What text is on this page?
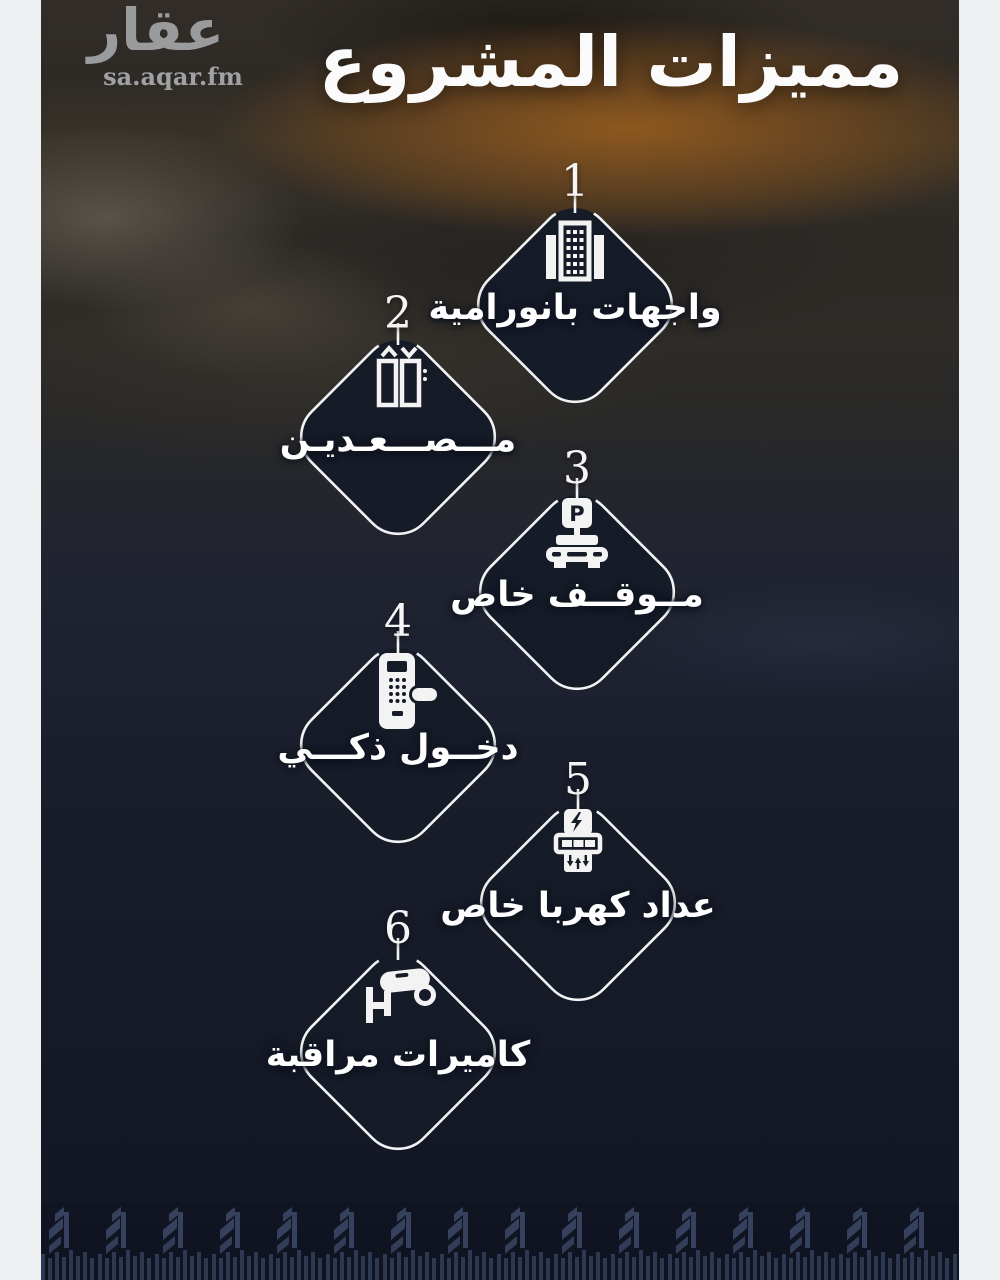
عقار
sa.aqar.fm	مميزات المشروع
1
واجهات بانورامية
2
مـــصـــعـديـن
3
P
مــوقــف خاص
4
دخــول ذكـــي
5
عداد كهربا خاص
6
كاميرات مراقبة
